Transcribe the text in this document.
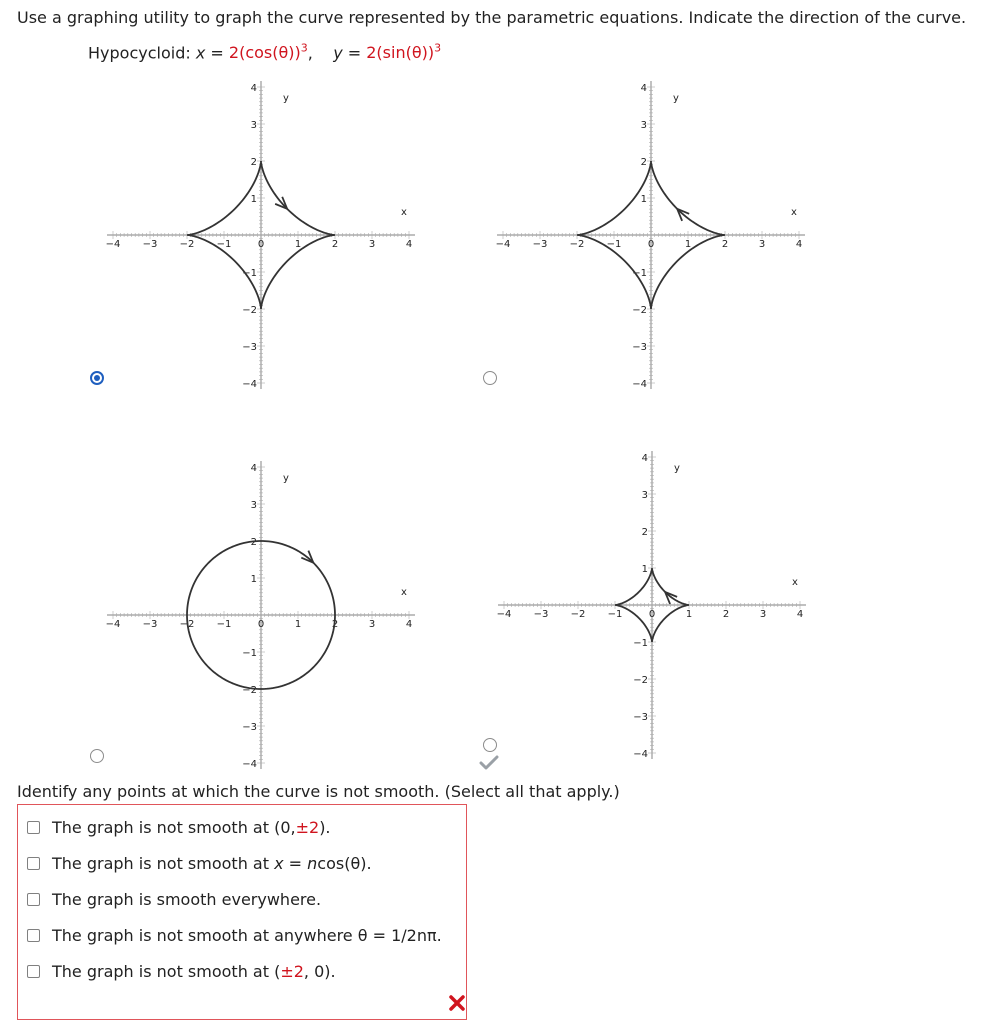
Use a graphing utility to graph the curve represented by the parametric equations. Indicate the direction of the curve.
Hypocycloid: $x = 2(\cos(\theta))^3$, $y = 2(\sin(\theta))^3$
−4
−4
−3
−3
−2
−2
−1
−1
0	1
1
2
2
3
3
4
4
x
y
−4
−4
−3
−3
−2
−2
−1
−1
0	1
1
2
2
3
3
4
4
x
y
−4
−4
−3
−3
−2
−2
−1
−1
0	1
1
2
2
3
3
4
4
x
y
−4
−4
−3
−3
−2
−2
−1
−1
0	1
1
2
2
3
3
4
4
x
y
Identify any points at which the curve is not smooth. (Select all that apply.)
The graph is not smooth at (0, ±2 ).
The graph is not smooth at
x = n cos(θ).
The graph is smooth everywhere.
The graph is not smooth at anywhere θ = 1/2nπ.
The graph is not smooth at ( ±2 , 0).
